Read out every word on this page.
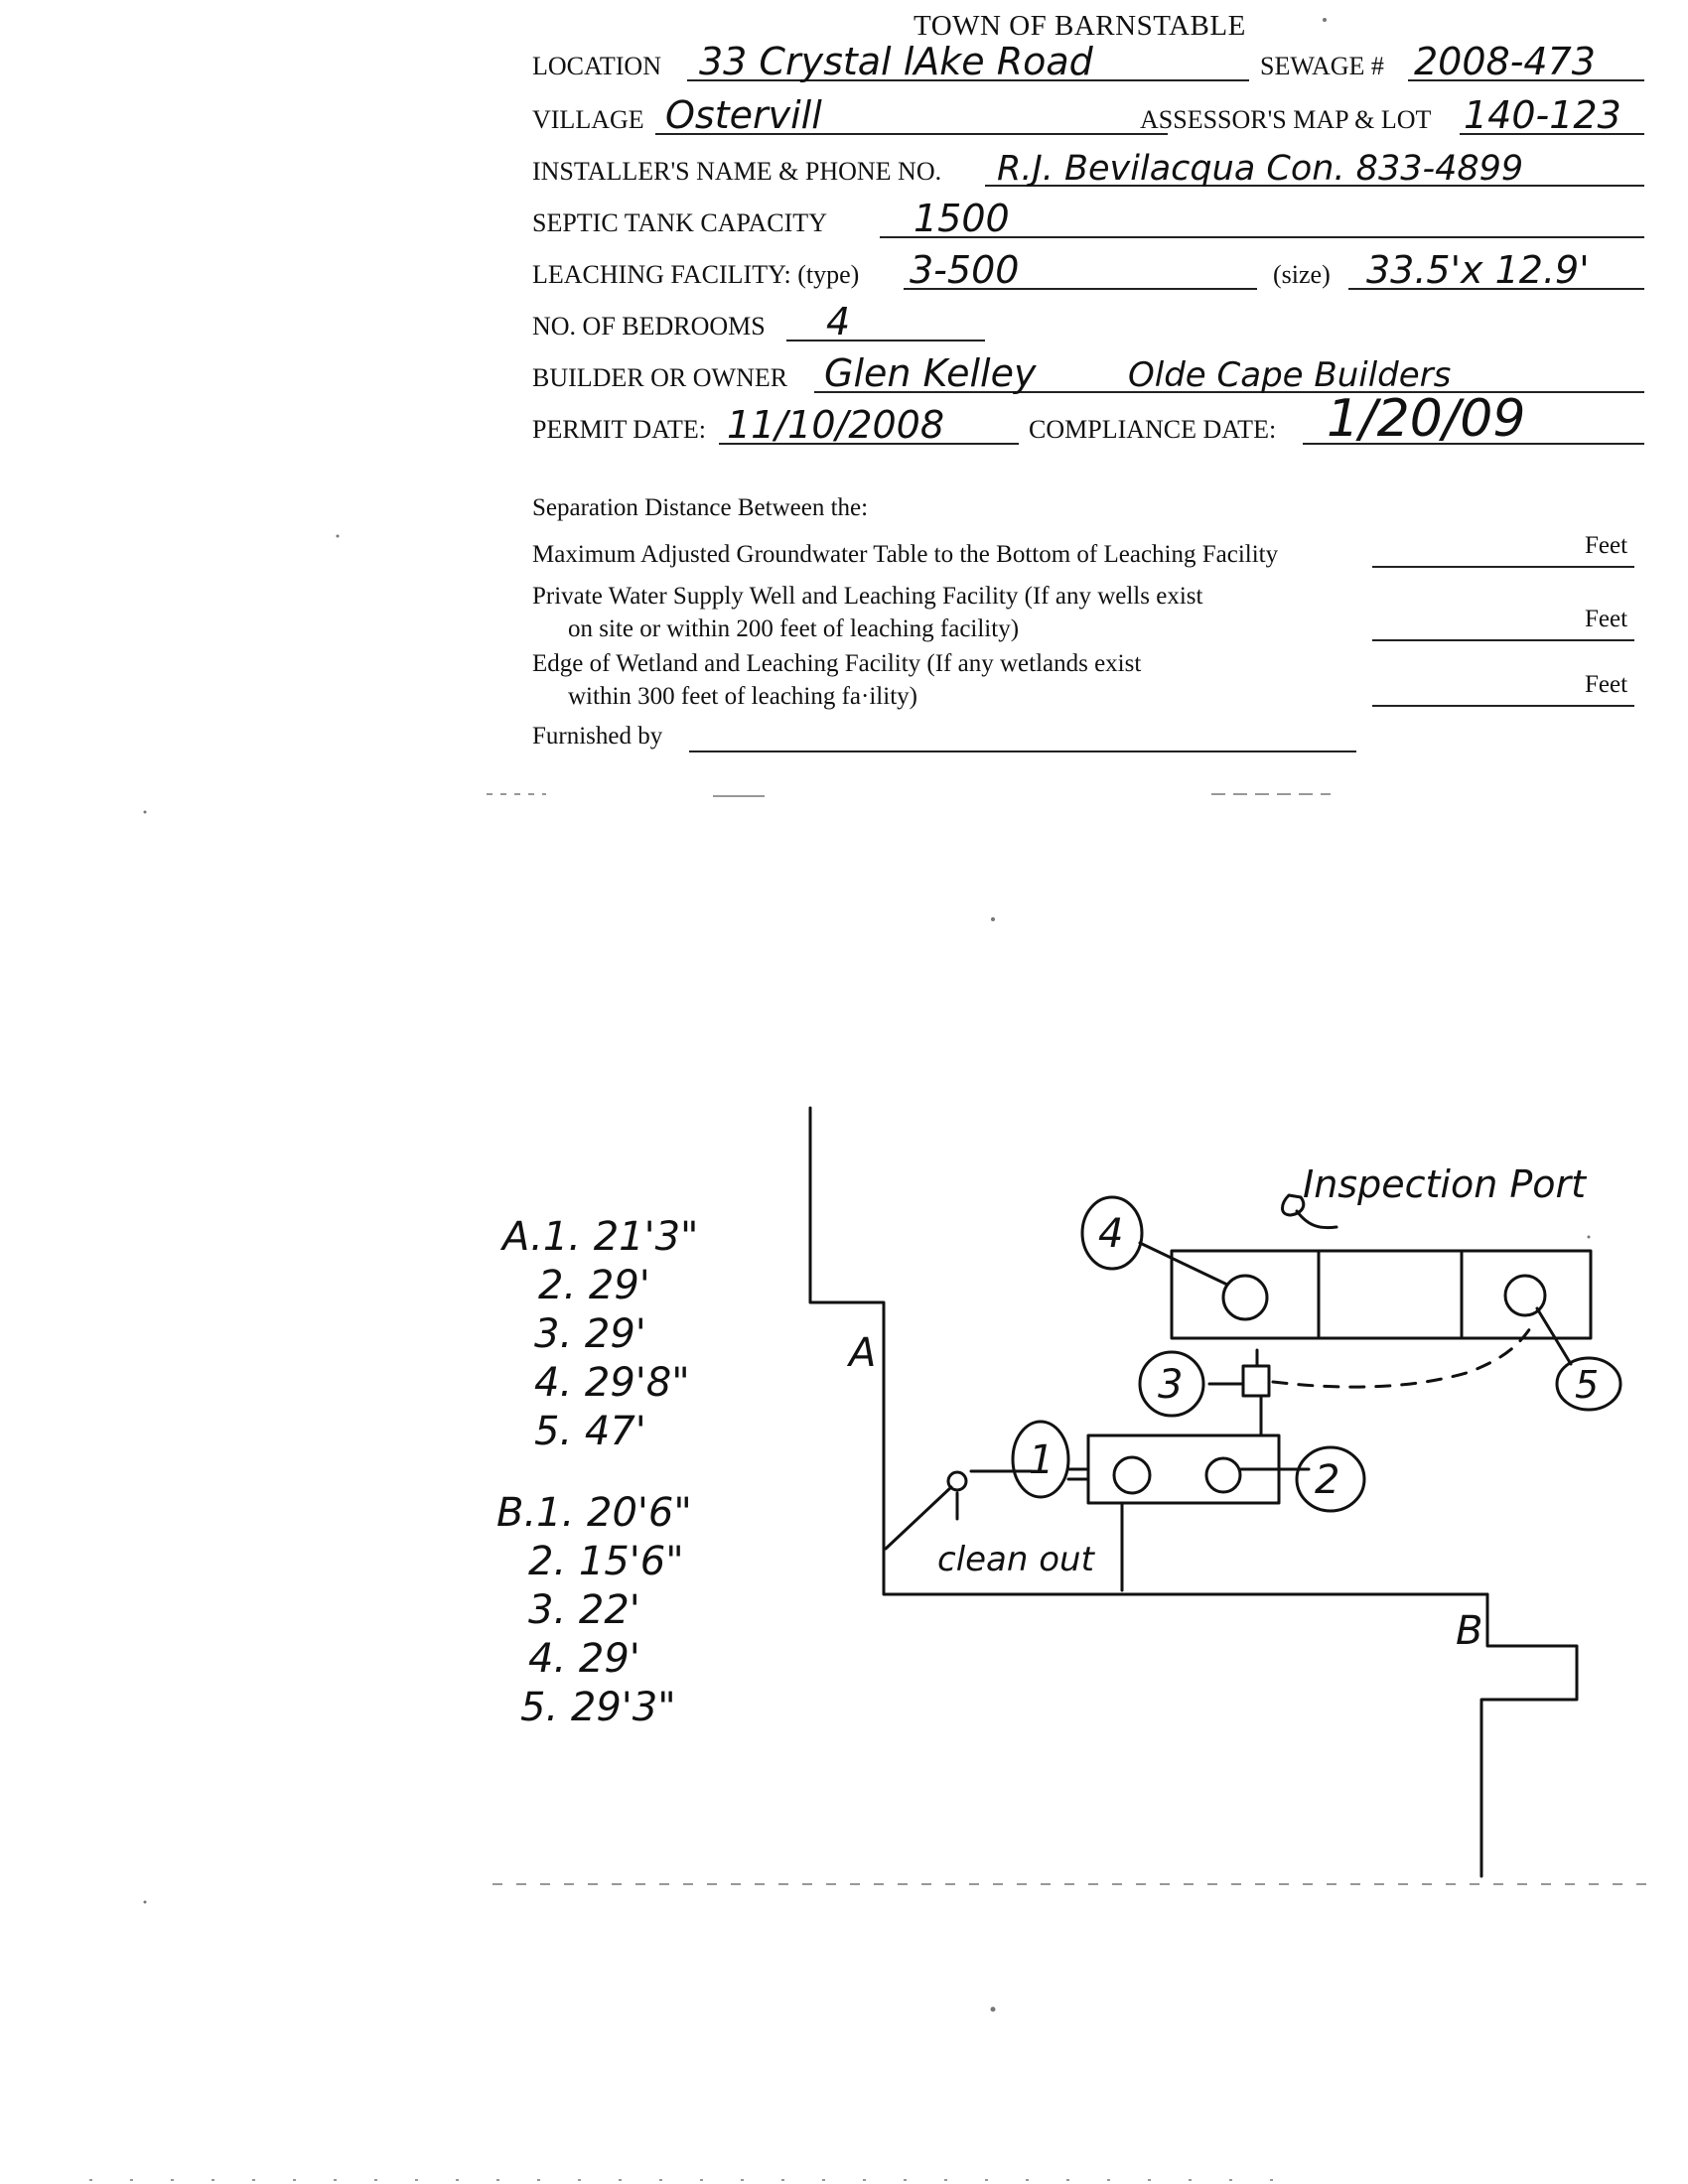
TOWN OF BARNSTABLE
LOCATION 33 Crystal lAke Road	SEWAGE # 2008-473
VILLAGE Ostervill	ASSESSOR'S MAP & LOT 140-123
INSTALLER'S NAME & PHONE NO. R.J. Bevilacqua Con. 833-4899
SEPTIC TANK CAPACITY 1500
LEACHING FACILITY: (type) 3-500	(size) 33.5'x 12.9'
NO. OF BEDROOMS 4
BUILDER OR OWNER Glen Kelley	Olde Cape Builders
PERMIT DATE: 11/10/2008	COMPLIANCE DATE: 1/20/09
Separation Distance Between the:
Maximum Adjusted Groundwater Table to the Bottom of Leaching Facility	Feet
Private Water Supply Well and Leaching Facility (If any wells exist
on site or within 200 feet of leaching facility)	Feet
Edge of Wetland and Leaching Facility (If any wetlands exist
within 300 feet of leaching fa·ility)	Feet
Furnished by
A.1. 21'3"
2. 29'
3. 29'
4. 29'8"
5. 47'
B.1. 20'6"
2. 15'6"
3. 22'
4. 29'
5. 29'3"
A
B
Inspection Port
clean out
1	2
3
4
5
